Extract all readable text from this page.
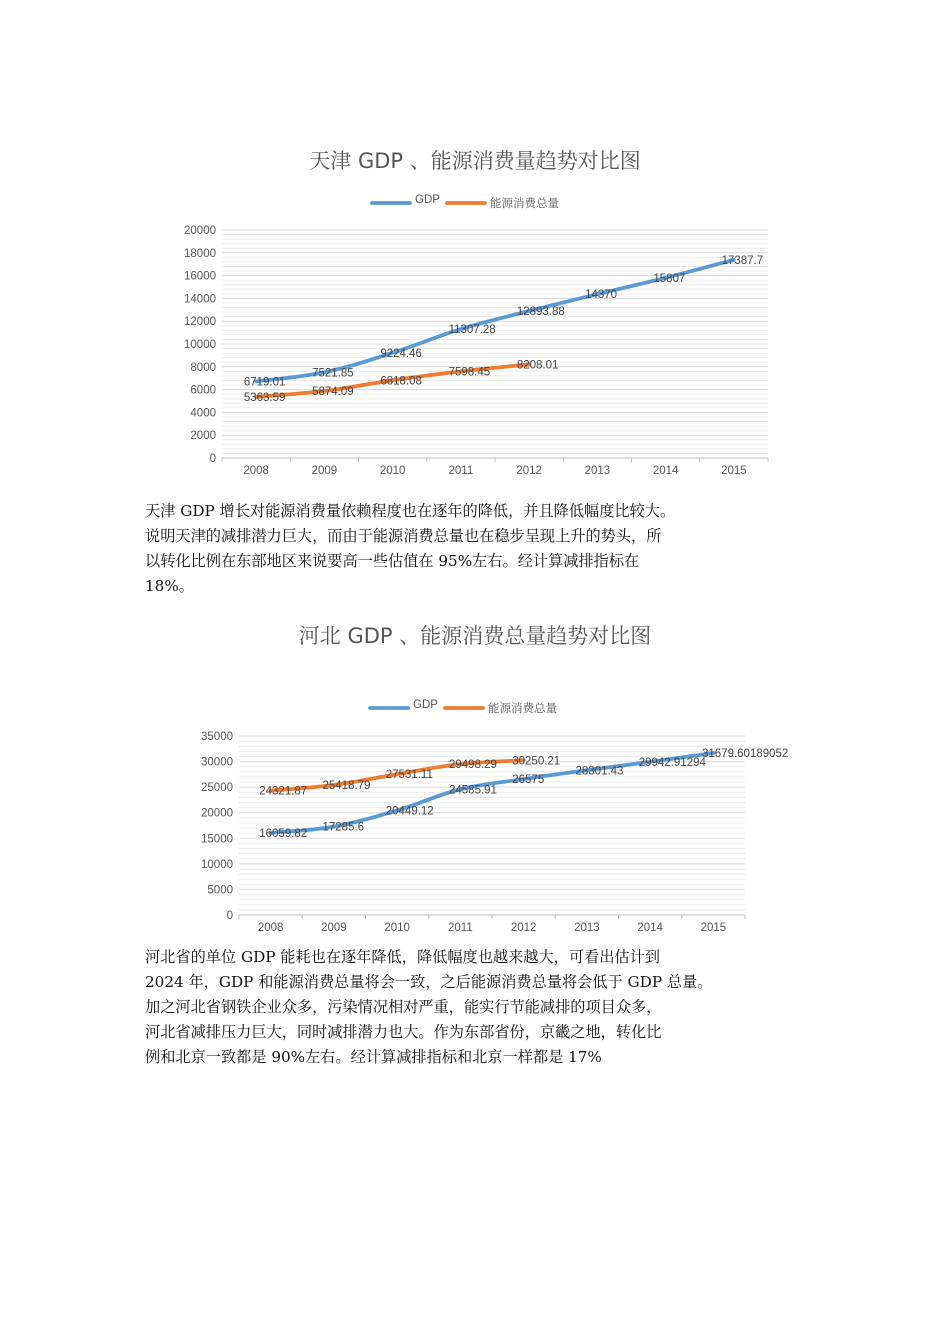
天津 GDP 、能源消费量趋势对比图
0
2000
4000
6000
8000
10000
12000
14000
16000
18000
20000
2008	2009	2010	2011	2012	2013	2014	2015
6719.01
7521.85
9224.46
11307.28
12893.88
14370
15807
17387.7
5363.59 5874.09
6818.08
7598.45
8208.01
GDP	能源消费总量
天津 GDP 增长对能源消费量依赖程度也在逐年的降低，并且降低幅度比较大。
说明天津的减排潜力巨大，而由于能源消费总量也在稳步呈现上升的势头，所
以转化比例在东部地区来说要高一些估值在 95%左右。经计算减排指标在
18%。
河北 GDP 、能源消费总量趋势对比图
0
5000
10000
15000
20000
25000
30000
35000
2008	2009	2010	2011	2012	2013	2014	2015
16059.82
17285.6
20449.12
24585.91
26575
28301.43
29942.91294
31679.60189052
24321.87 25418.79
27531.11
29498.29 30250.21
GDP	能源消费总量
河北省的单位 GDP 能耗也在逐年降低，降低幅度也越来越大，可看出估计到
2024 年，GDP 和能源消费总量将会一致，之后能源消费总量将会低于 GDP 总量。
加之河北省钢铁企业众多，污染情况相对严重，能实行节能减排的项目众多，
河北省减排压力巨大，同时减排潜力也大。作为东部省份，京畿之地，转化比
例和北京一致都是 90%左右。经计算减排指标和北京一样都是 17%
